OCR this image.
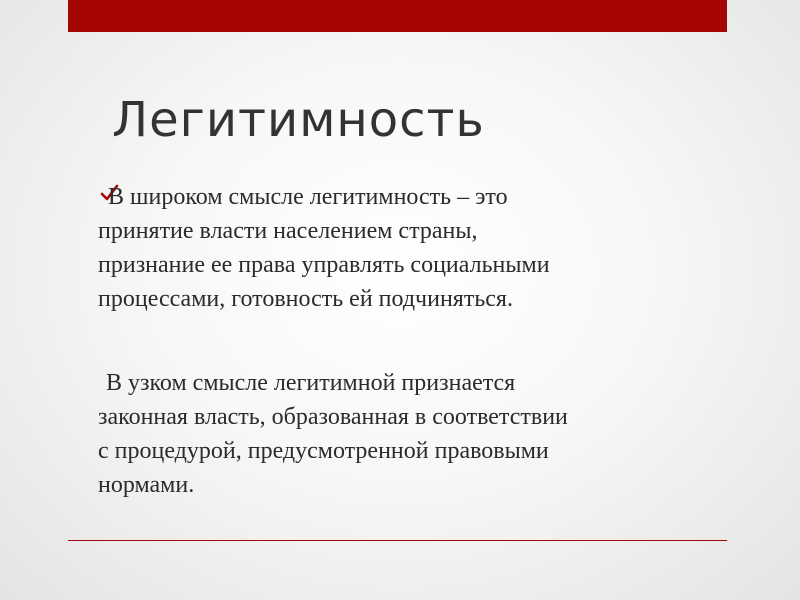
Легитимность

В широком смысле легитимность – это
принятие власти населением страны,
признание ее права управлять социальными
процессами, готовность ей подчиняться.

В узком смысле легитимной признается
законная власть, образованная в соответствии
с процедурой, предусмотренной правовыми
нормами.
